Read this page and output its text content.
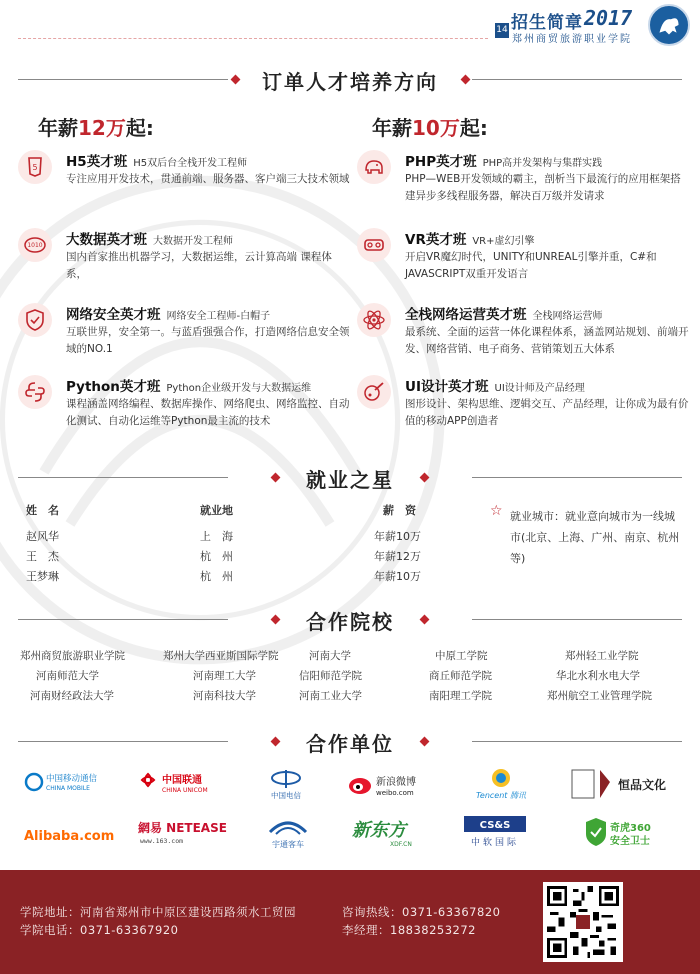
14 招生简章 2017
郑州商贸旅游职业学院
订单人才培养方向
年薪12万起:	年薪10万起:
5 H5英才班 H5双后台全栈开发工程师
专注应用开发技术，贯通前端、服务器、客户端三大技术领域
1010 大数据英才班 大数据开发工程师
国内首家推出机器学习，大数据运维，云计算高端 课程体系，
网络安全英才班 网络安全工程师-白帽子
互联世界，安全第一。与蓝盾强强合作，打造网络信息安全领域的NO.1
Python英才班 Python企业级开发与大数据运维
课程涵盖网络编程、数据库操作、网络爬虫、网络监控、自动化测试、自动化运维等Python最主流的技术
PHP英才班 PHP高并发架构与集群实践
PHP—WEB开发领域的霸主，剖析当下最流行的应用框架搭建异步多线程服务器，解决百万级并发请求
VR英才班 VR+虚幻引擎
开启VR魔幻时代，UNITY和UNREAL引擎并重，C#和JAVASCRIPT双重开发语言
全栈网络运营英才班 全栈网络运营师
最系统、全面的运营一体化课程体系，涵盖网站规划、前端开发、网络营销、电子商务、营销策划五大体系
UI设计英才班 UI设计师及产品经理
图形设计、架构思维、逻辑交互、产品经理，让你成为最有价值的移动APP创造者
就业之星
姓　名	就业地	薪　资
赵风华	上　海	年薪10万
王　杰	杭　州	年薪12万
王梦琳	杭　州	年薪10万
☆ 就业城市：就业意向城市为一线城市(北京、上海、广州、南京、杭州等)
合作院校
郑州商贸旅游职业学院	郑州大学西亚斯国际学院	河南大学	中原工学院	郑州轻工业学院
河南师范大学	河南理工大学	信阳师范学院	商丘师范学院	华北水利水电大学
河南财经政法大学	河南科技大学	河南工业大学	南阳理工学院	郑州航空工业管理学院
合作单位
中国移动通信
CHINA MOBILE
中国联通
CHINA UNICOM
中国电信
新浪微博
weibo.com	Tencent 腾讯
恒品文化
Alibaba.com
網易 NETEASE
www.163.com	宇通客车
新东方
XDF.CN
CS&S
中软国际
奇虎360
安全卫士
学院地址：河南省郑州市中原区建设西路须水工贸园
学院电话：0371-63367920
咨询热线：0371-63367820
李经理：18838253272
